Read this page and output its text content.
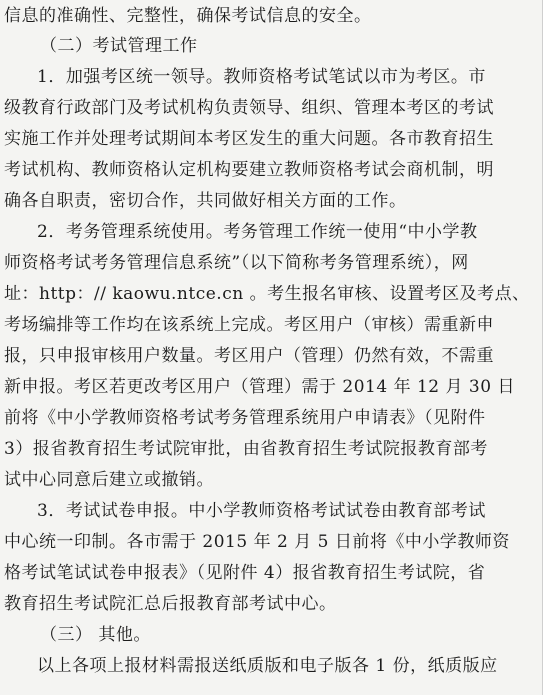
信息的准确性、完整性，确保考试信息的安全。
（二）考试管理工作
1．加强考区统一领导。教师资格考试笔试以市为考区。市
级教育行政部门及考试机构负责领导、组织、管理本考区的考试
实施工作并处理考试期间本考区发生的重大问题。各市教育招生
考试机构、教师资格认定机构要建立教师资格考试会商机制，明
确各自职责，密切合作，共同做好相关方面的工作。
2．考务管理系统使用。考务管理工作统一使用“中小学教
师资格考试考务管理信息系统”（以下简称考务管理系统），网
址：http：// kaowu.ntce.cn 。考生报名审核、设置考区及考点、
考场编排等工作均在该系统上完成。考区用户（审核）需重新申
报，只申报审核用户数量。考区用户（管理）仍然有效，不需重
新申报。考区若更改考区用户（管理）需于 2014 年 12 月 30 日
前将《中小学教师资格考试考务管理系统用户申请表》（见附件
3）报省教育招生考试院审批，由省教育招生考试院报教育部考
试中心同意后建立或撤销。
3．考试试卷申报。中小学教师资格考试试卷由教育部考试
中心统一印制。各市需于 2015 年 2 月 5 日前将《中小学教师资
格考试笔试试卷申报表》（见附件 4）报省教育招生考试院，省
教育招生考试院汇总后报教育部考试中心。
（三） 其他。
以上各项上报材料需报送纸质版和电子版各 1 份，纸质版应
